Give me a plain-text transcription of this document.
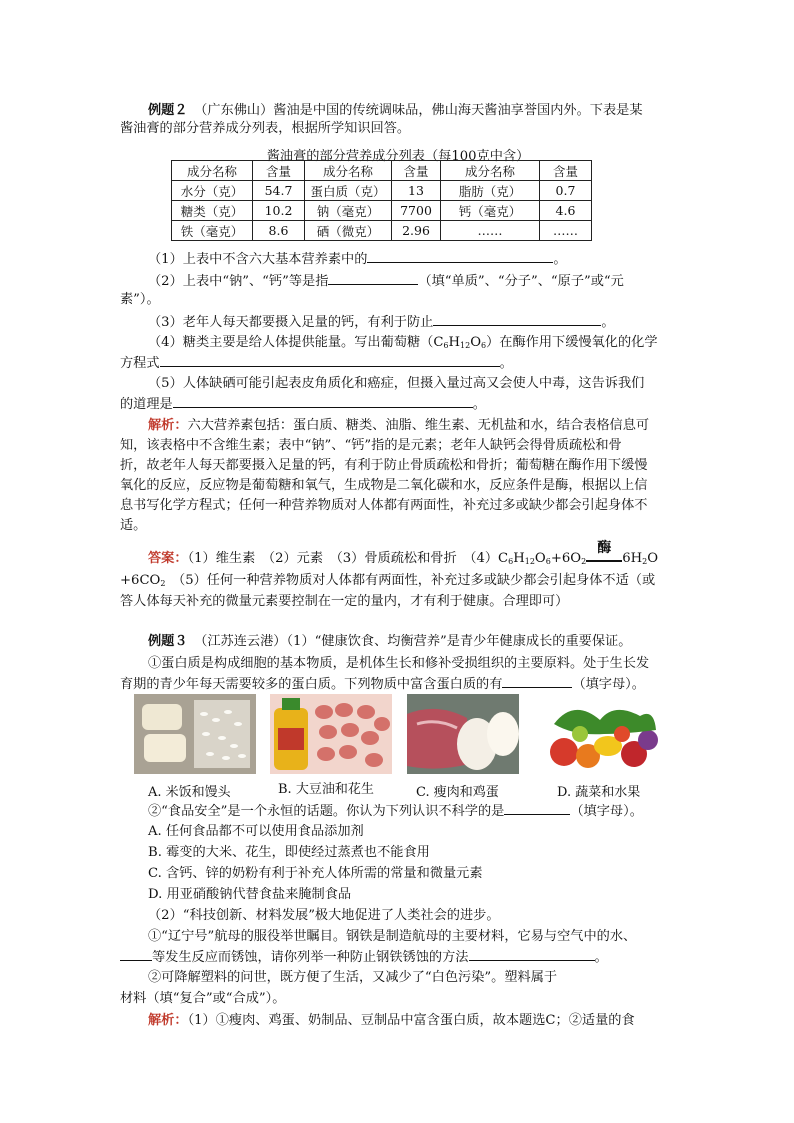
例题２　 （广东佛山）酱油是中国的传统调味品，佛山海天酱油享誉国内外。下表是某
酱油膏的部分营养成分列表，根据所学知识回答。
酱油膏的部分营养成分列表（每100克中含）
成分名称	含量	成分名称	含量	成分名称	含量
水分（克）	54.7	蛋白质（克）	13	脂肪（克）	0.7
糖类（克）	10.2	钠（毫克）	7700	钙（毫克）	4.6
铁（毫克）	8.6	硒（微克）	2.96	……	……
（1）上表中不含六大基本营养素中的	。
（2）上表中“钠”、“钙”等是指	（填“单质”、“分子”、“原子”或“元
素”）。
（3）老年人每天都要摄入足量的钙，有利于防止	。
（4）糖类主要是给人体提供能量。写出葡萄糖$(C_6H_{12}O_6)$在酶作用下缓慢氧化的化学
方程式	。
（5）人体缺硒可能引起表皮角质化和癌症，但摄入量过高又会使人中毒，这告诉我们
的道理是	。
解析：六大营养素包括：蛋白质、糖类、油脂、维生素、无机盐和水，结合表格信息可
知，该表格中不含维生素；表中“钠”、“钙”指的是元素；老年人缺钙会得骨质疏松和骨
折，故老年人每天都要摄入足量的钙，有利于防止骨质疏松和骨折；葡萄糖在酶作用下缓慢
氧化的反应，反应物是葡萄糖和氧气，生成物是二氧化碳和水，反应条件是酶，根据以上信
息书写化学方程式；任何一种营养物质对人体都有两面性，补充过多或缺少都会引起身体不
适。
答案：（1）维生素　（2）元素　（3）骨质疏松和骨折　$(4)C_6H_{12}O_6+6O_2$
酶
$6H_2O$
$+6CO_2$　（5）任何一种营养物质对人体都有两面性，补充过多或缺少都会引起身体不适（或
答人体每天补充的微量元素要控制在一定的量内，才有利于健康。合理即可）
例题３　 （江苏连云港）（1）“健康饮食、均衡营养”是青少年健康成长的重要保证。
①蛋白质是构成细胞的基本物质，是机体生长和修补受损组织的主要原料。处于生长发
育期的青少年每天需要较多的蛋白质。下列物质中富含蛋白质的有	（填字母）。
A. 米饭和馒头	B. 大豆油和花生	C. 瘦肉和鸡蛋	D. 蔬菜和水果
②“食品安全”是一个永恒的话题。你认为下列认识不科学的是	（填字母）。
A. 任何食品都不可以使用食品添加剂
B. 霉变的大米、花生，即使经过蒸煮也不能食用
C. 含钙、锌的奶粉有利于补充人体所需的常量和微量元素
D. 用亚硝酸钠代替食盐来腌制食品
（2）“科技创新、材料发展”极大地促进了人类社会的进步。
①“辽宁号”航母的服役举世瞩目。钢铁是制造航母的主要材料，它易与空气中的水、
等发生反应而锈蚀，请你列举一种防止钢铁锈蚀的方法	。
②可降解塑料的问世，既方便了生活，又减少了“白色污染”。塑料属于
材料（填“复合”或“合成”）。
解析：（1）①瘦肉、鸡蛋、奶制品、豆制品中富含蛋白质，故本题选C；②适量的食
